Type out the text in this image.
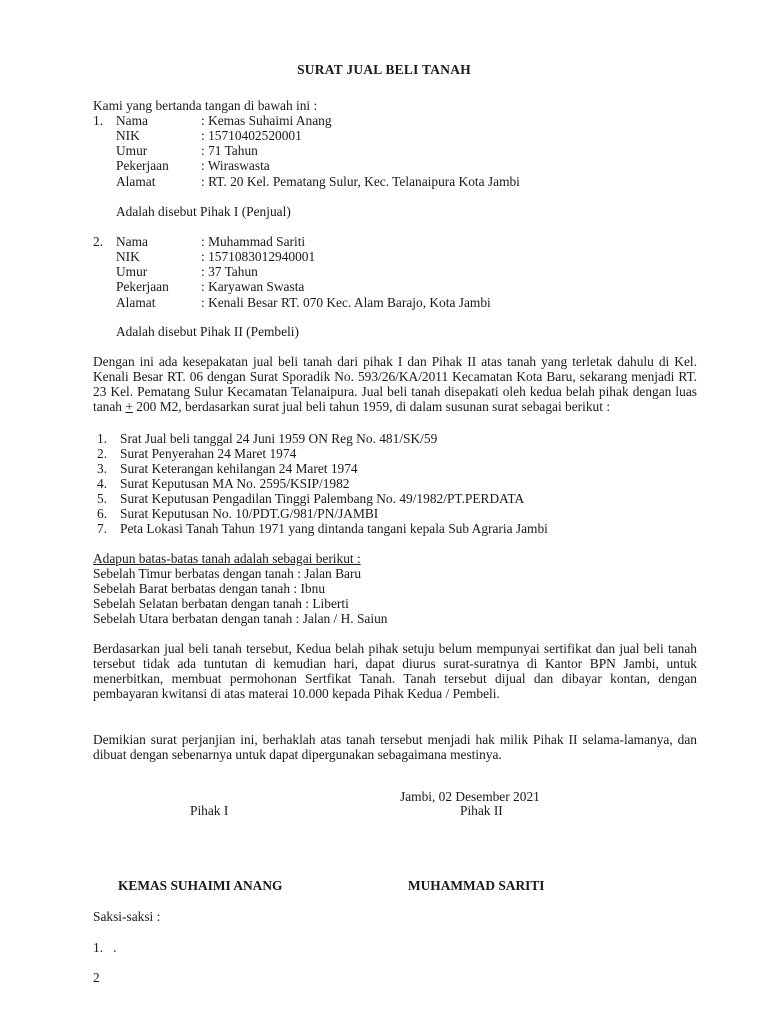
SURAT JUAL BELI TANAH
Kami yang bertanda tangan di bawah ini :
1. Nama	: Kemas Suhaimi Anang
NIK	: 15710402520001
Umur	: 71 Tahun
Pekerjaan : Wiraswasta
Alamat	: RT. 20 Kel. Pematang Sulur, Kec. Telanaipura Kota Jambi
Adalah disebut Pihak I (Penjual)
2. Nama	: Muhammad Sariti
NIK	: 1571083012940001
Umur	: 37 Tahun
Pekerjaan : Karyawan Swasta
Alamat	: Kenali Besar RT. 070 Kec. Alam Barajo, Kota Jambi
Adalah disebut Pihak II (Pembeli)
Dengan ini ada kesepakatan jual beli tanah dari pihak I dan Pihak II atas tanah yang terletak dahulu di Kel. Kenali Besar RT. 06 dengan Surat Sporadik No. 593/26/KA/2011 Kecamatan Kota Baru, sekarang menjadi RT. 23 Kel. Pematang Sulur Kecamatan Telanaipura. Jual beli tanah disepakati oleh kedua belah pihak dengan luas tanah + 200 M2, berdasarkan surat jual beli tahun 1959, di dalam susunan surat sebagai berikut :
1. Srat Jual beli tanggal 24 Juni 1959 ON Reg No. 481/SK/59
2. Surat Penyerahan 24 Maret 1974
3. Surat Keterangan kehilangan 24 Maret 1974
4. Surat Keputusan MA No. 2595/KSIP/1982
5. Surat Keputusan Pengadilan Tinggi Palembang No. 49/1982/PT.PERDATA
6. Surat Keputusan No. 10/PDT.G/981/PN/JAMBI
7. Peta Lokasi Tanah Tahun 1971 yang dintanda tangani kepala Sub Agraria Jambi
Adapun batas-batas tanah adalah sebagai berikut :
Sebelah Timur berbatas dengan tanah : Jalan Baru
Sebelah Barat berbatas dengan tanah : Ibnu
Sebelah Selatan berbatan dengan tanah : Liberti
Sebelah Utara berbatan dengan tanah : Jalan / H. Saiun
Berdasarkan jual beli tanah tersebut, Kedua belah pihak setuju belum mempunyai sertifikat dan jual beli tanah tersebut tidak ada tuntutan di kemudian hari, dapat diurus surat-suratnya di Kantor BPN Jambi, untuk menerbitkan, membuat permohonan Sertfikat Tanah. Tanah tersebut dijual dan dibayar kontan, dengan pembayaran kwitansi di atas materai 10.000 kepada Pihak Kedua / Pembeli.
Demikian surat perjanjian ini, berhaklah atas tanah tersebut menjadi hak milik Pihak II selama-lamanya, dan dibuat dengan sebenarnya untuk dapat dipergunakan sebagaimana mestinya.
Jambi, 02 Desember 2021
Pihak I	Pihak II
KEMAS SUHAIMI ANANG	MUHAMMAD SARITI
Saksi-saksi :
1.   .
2
